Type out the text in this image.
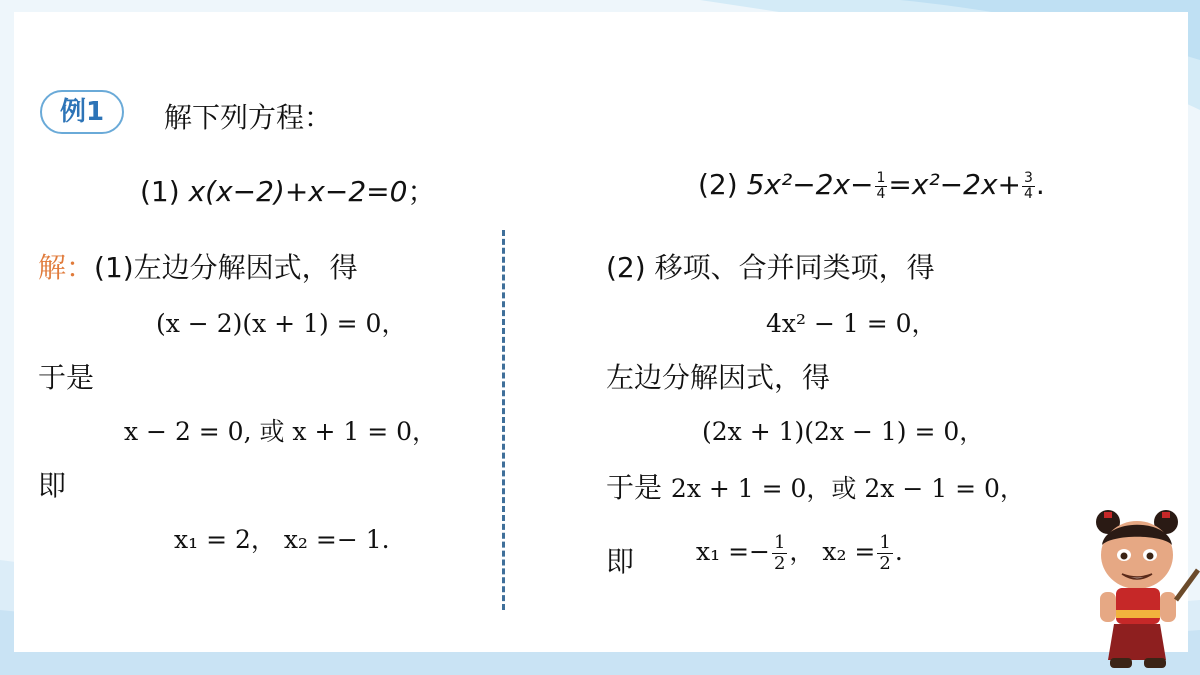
例1	解下列方程：
(1) x(x−2)+x−2=0；	(2) $5x^2-2x- \frac{1}{4} =x^2-2x+ \frac{3}{4}$ .
解：(1)左边分解因式，得
(x − 2)(x + 1) = 0，
于是
x − 2 = 0, 或 x + 1 = 0，
即
x₁ = 2， x₂ =− 1.
(2) 移项、合并同类项，得
4x² − 1 = 0，
左边分解因式，得
(2x + 1)(2x − 1) = 0，
于是 2x + 1 = 0，或 2x − 1 = 0，
即 $x_1 =- \frac{1}{2}$ ， $x_2 = \frac{1}{2}$ .
